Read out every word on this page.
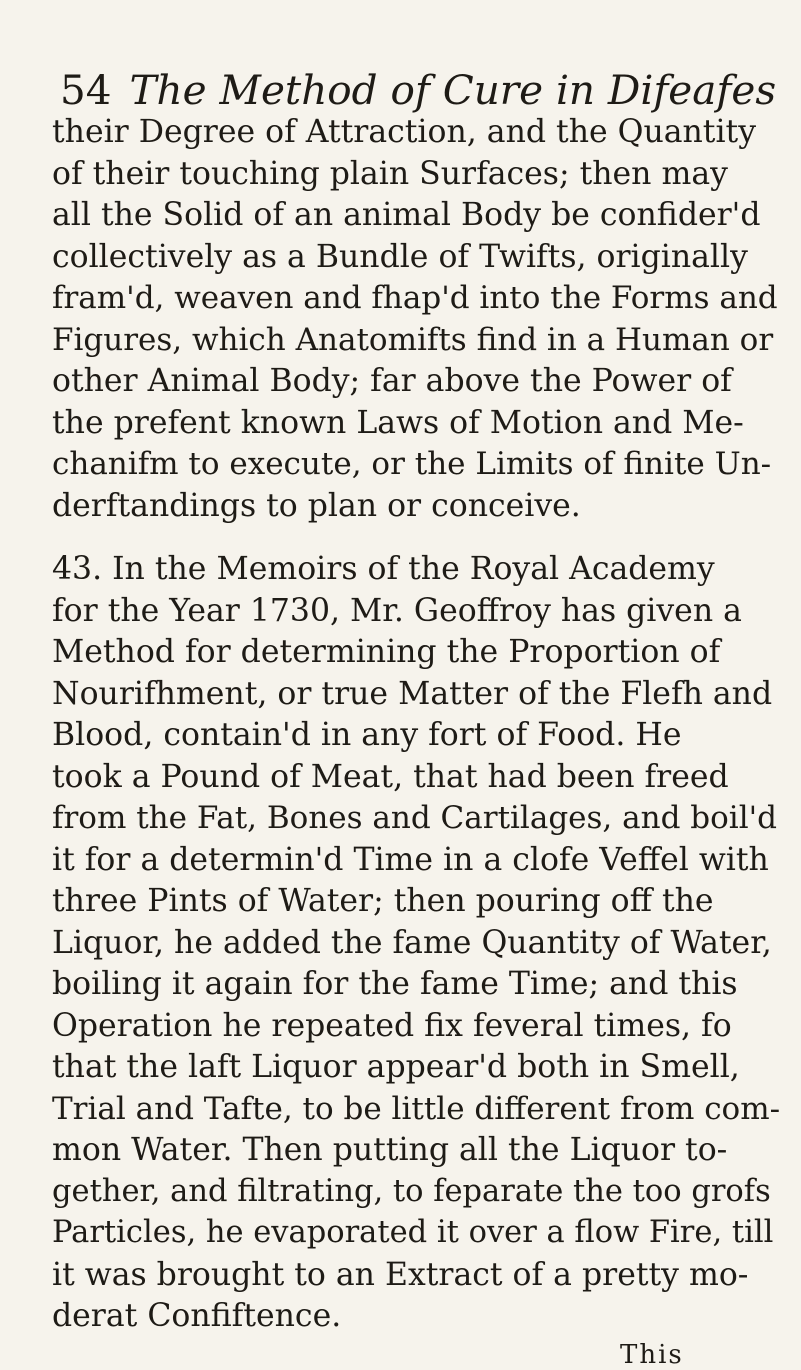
54 The Method of Cure in Difeafes
their Degree of Attraction, and the Quantity
of their touching plain Surfaces; then may
all the Solid of an animal Body be confider'd
collectively as a Bundle of Twifts, originally
fram'd, weaven and fhap'd into the Forms and
Figures, which Anatomifts find in a Human or
other Animal Body; far above the Power of
the prefent known Laws of Motion and Me-
chanifm to execute, or the Limits of finite Un-
derftandings to plan or conceive.
43. In the Memoirs of the Royal Academy
for the Year 1730, Mr. Geoffroy has given a
Method for determining the Proportion of
Nourifhment, or true Matter of the Flefh and
Blood, contain'd in any fort of Food. He
took a Pound of Meat, that had been freed
from the Fat, Bones and Cartilages, and boil'd
it for a determin'd Time in a clofe Veffel with
three Pints of Water; then pouring off the
Liquor, he added the fame Quantity of Water,
boiling it again for the fame Time; and this
Operation he repeated fix feveral times, fo
that the laft Liquor appear'd both in Smell,
Trial and Tafte, to be little different from com-
mon Water. Then putting all the Liquor to-
gether, and filtrating, to feparate the too grofs
Particles, he evaporated it over a flow Fire, till
it was brought to an Extract of a pretty mo-
derat Confiftence.
This
